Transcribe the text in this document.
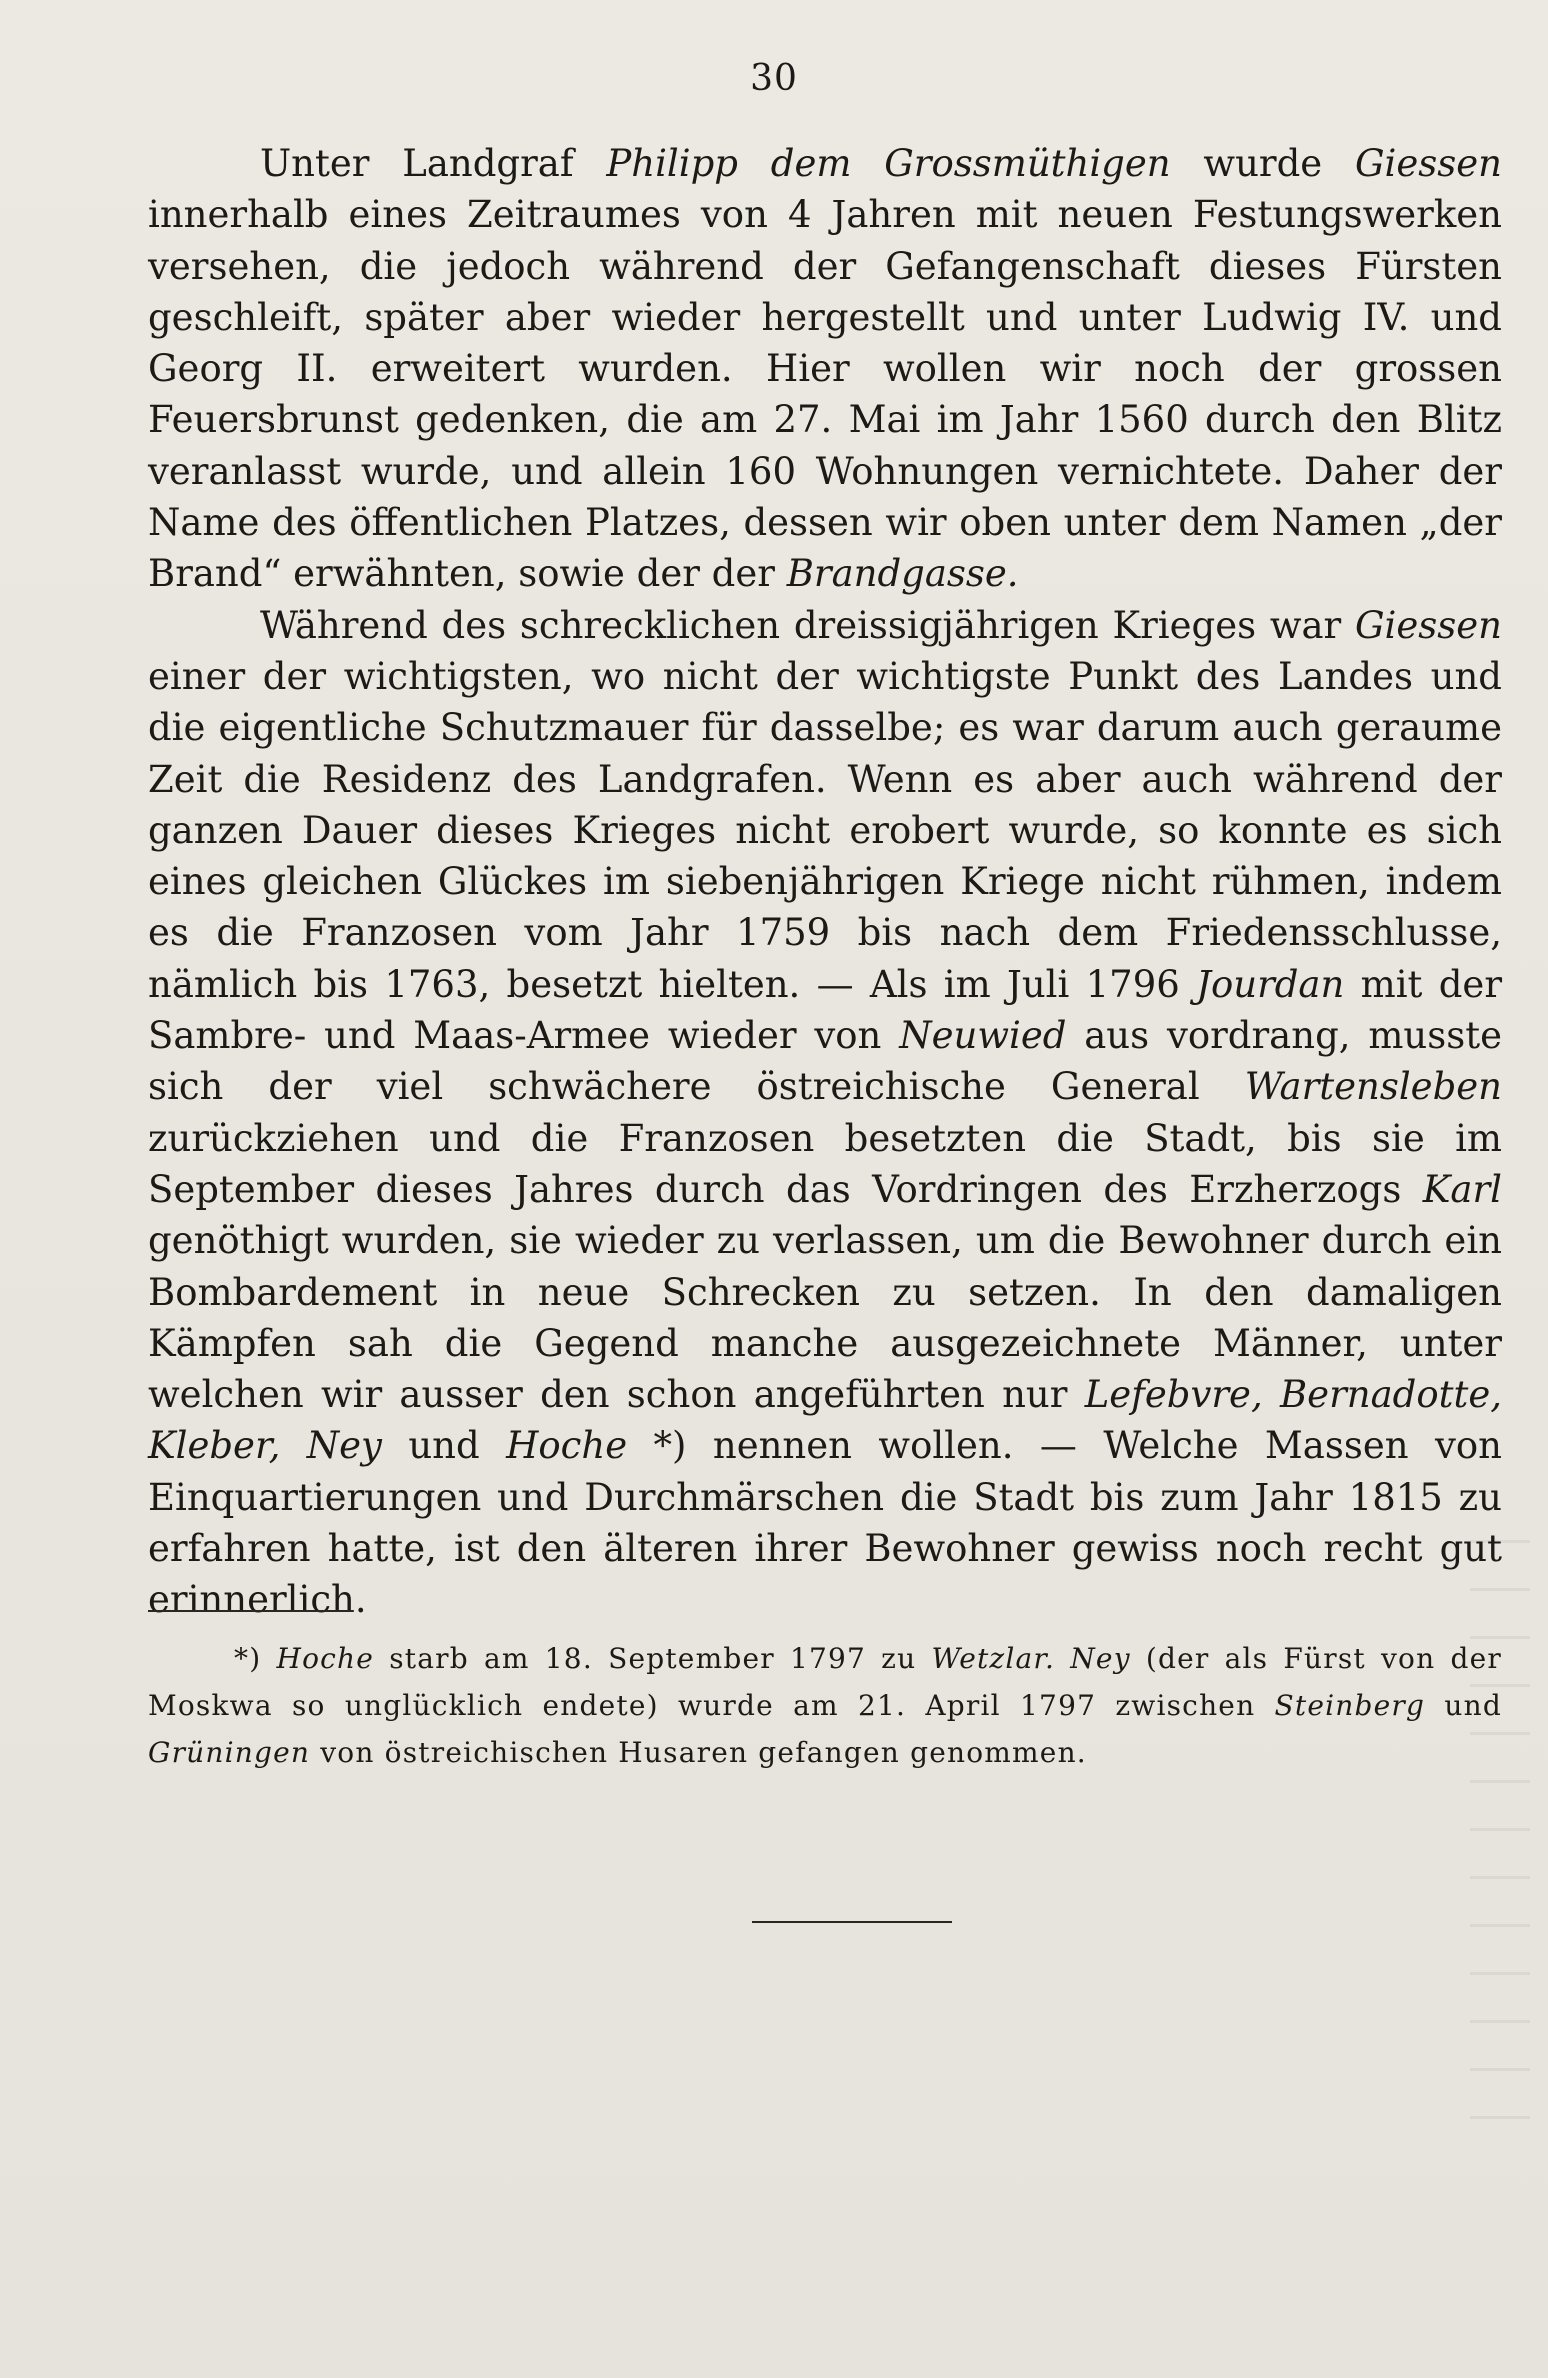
30

Unter Landgraf Philipp dem Grossmüthigen wurde Giessen innerhalb eines Zeitraumes von 4 Jahren mit neuen Festungswerken versehen, die jedoch während der Gefangenschaft dieses Fürsten geschleift, später aber wieder hergestellt und unter Ludwig IV. und Georg II. erweitert wurden. Hier wollen wir noch der grossen Feuersbrunst gedenken, die am 27. Mai im Jahr 1560 durch den Blitz veranlasst wurde, und allein 160 Wohnungen vernichtete. Daher der Name des öffentlichen Platzes, dessen wir oben unter dem Namen „der Brand“ erwähnten, sowie der der Brandgasse.

Während des schrecklichen dreissigjährigen Krieges war Giessen einer der wichtigsten, wo nicht der wichtigste Punkt des Landes und die eigentliche Schutzmauer für dasselbe; es war darum auch geraume Zeit die Residenz des Landgrafen. Wenn es aber auch während der ganzen Dauer dieses Krieges nicht erobert wurde, so konnte es sich eines gleichen Glückes im siebenjährigen Kriege nicht rühmen, indem es die Franzosen vom Jahr 1759 bis nach dem Friedensschlusse, nämlich bis 1763, besetzt hielten. — Als im Juli 1796 Jourdan mit der Sambre- und Maas-Armee wieder von Neuwied aus vordrang, musste sich der viel schwächere östreichische General Wartensleben zurückziehen und die Franzosen besetzten die Stadt, bis sie im September dieses Jahres durch das Vordringen des Erzherzogs Karl genöthigt wurden, sie wieder zu verlassen, um die Bewohner durch ein Bombardement in neue Schrecken zu setzen. In den damaligen Kämpfen sah die Gegend manche ausgezeichnete Männer, unter welchen wir ausser den schon angeführten nur Lefebvre, Bernadotte, Kleber, Ney und Hoche *) nennen wollen. — Welche Massen von Einquartierungen und Durchmärschen die Stadt bis zum Jahr 1815 zu erfahren hatte, ist den älteren ihrer Bewohner gewiss noch recht gut erinnerlich.

*) Hoche starb am 18. September 1797 zu Wetzlar. Ney (der als Fürst von der Moskwa so unglücklich endete) wurde am 21. April 1797 zwischen Steinberg und Grüningen von östreichischen Husaren gefangen genommen.
